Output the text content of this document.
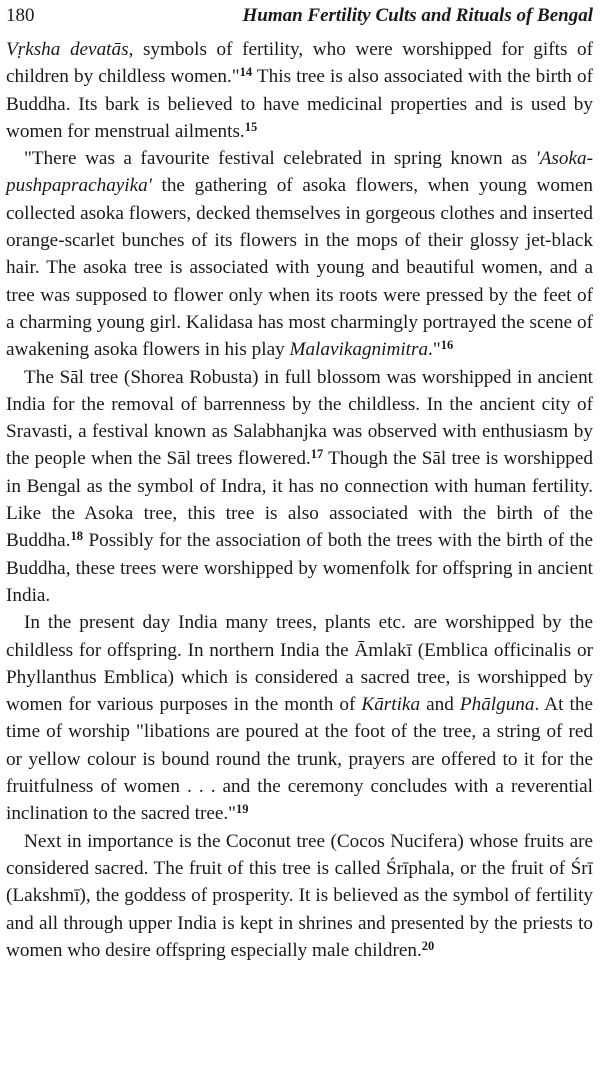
180	Human Fertility Cults and Rituals of Bengal

Vṛksha devatās, symbols of fertility, who were worshipped for gifts of children by childless women."$^{14}$ This tree is also associated with the birth of Buddha. Its bark is believed to have medicinal properties and is used by women for menstrual ailments.$^{15}$

"There was a favourite festival celebrated in spring known as 'Asoka-pushpaprachayika' the gathering of asoka flowers, when young women collected asoka flowers, decked themselves in gorgeous clothes and inserted orange-scarlet bunches of its flowers in the mops of their glossy jet-black hair. The asoka tree is associated with young and beautiful women, and a tree was supposed to flower only when its roots were pressed by the feet of a charming young girl. Kalidasa has most charmingly portrayed the scene of awakening asoka flowers in his play Malavikagnimitra."$^{16}$

The Sāl tree (Shorea Robusta) in full blossom was worshipped in ancient India for the removal of barrenness by the childless. In the ancient city of Sravasti, a festival known as Salabhanjka was observed with enthusiasm by the people when the Sāl trees flowered.$^{17}$ Though the Sāl tree is worshipped in Bengal as the symbol of Indra, it has no connection with human fertility. Like the Asoka tree, this tree is also associated with the birth of the Buddha.$^{18}$ Possibly for the association of both the trees with the birth of the Buddha, these trees were worshipped by womenfolk for offspring in ancient India.

In the present day India many trees, plants etc. are worshipped by the childless for offspring. In northern India the Āmlakī (Emblica officinalis or Phyllanthus Emblica) which is considered a sacred tree, is worshipped by women for various purposes in the month of Kārtika and Phālguna. At the time of worship "libations are poured at the foot of the tree, a string of red or yellow colour is bound round the trunk, prayers are offered to it for the fruitfulness of women . . . and the ceremony concludes with a reverential inclination to the sacred tree."$^{19}$

Next in importance is the Coconut tree (Cocos Nucifera) whose fruits are considered sacred. The fruit of this tree is called Śrīphala, or the fruit of Śrī (Lakshmī), the goddess of prosperity. It is believed as the symbol of fertility and all through upper India is kept in shrines and presented by the priests to women who desire offspring especially male children.$^{20}$
